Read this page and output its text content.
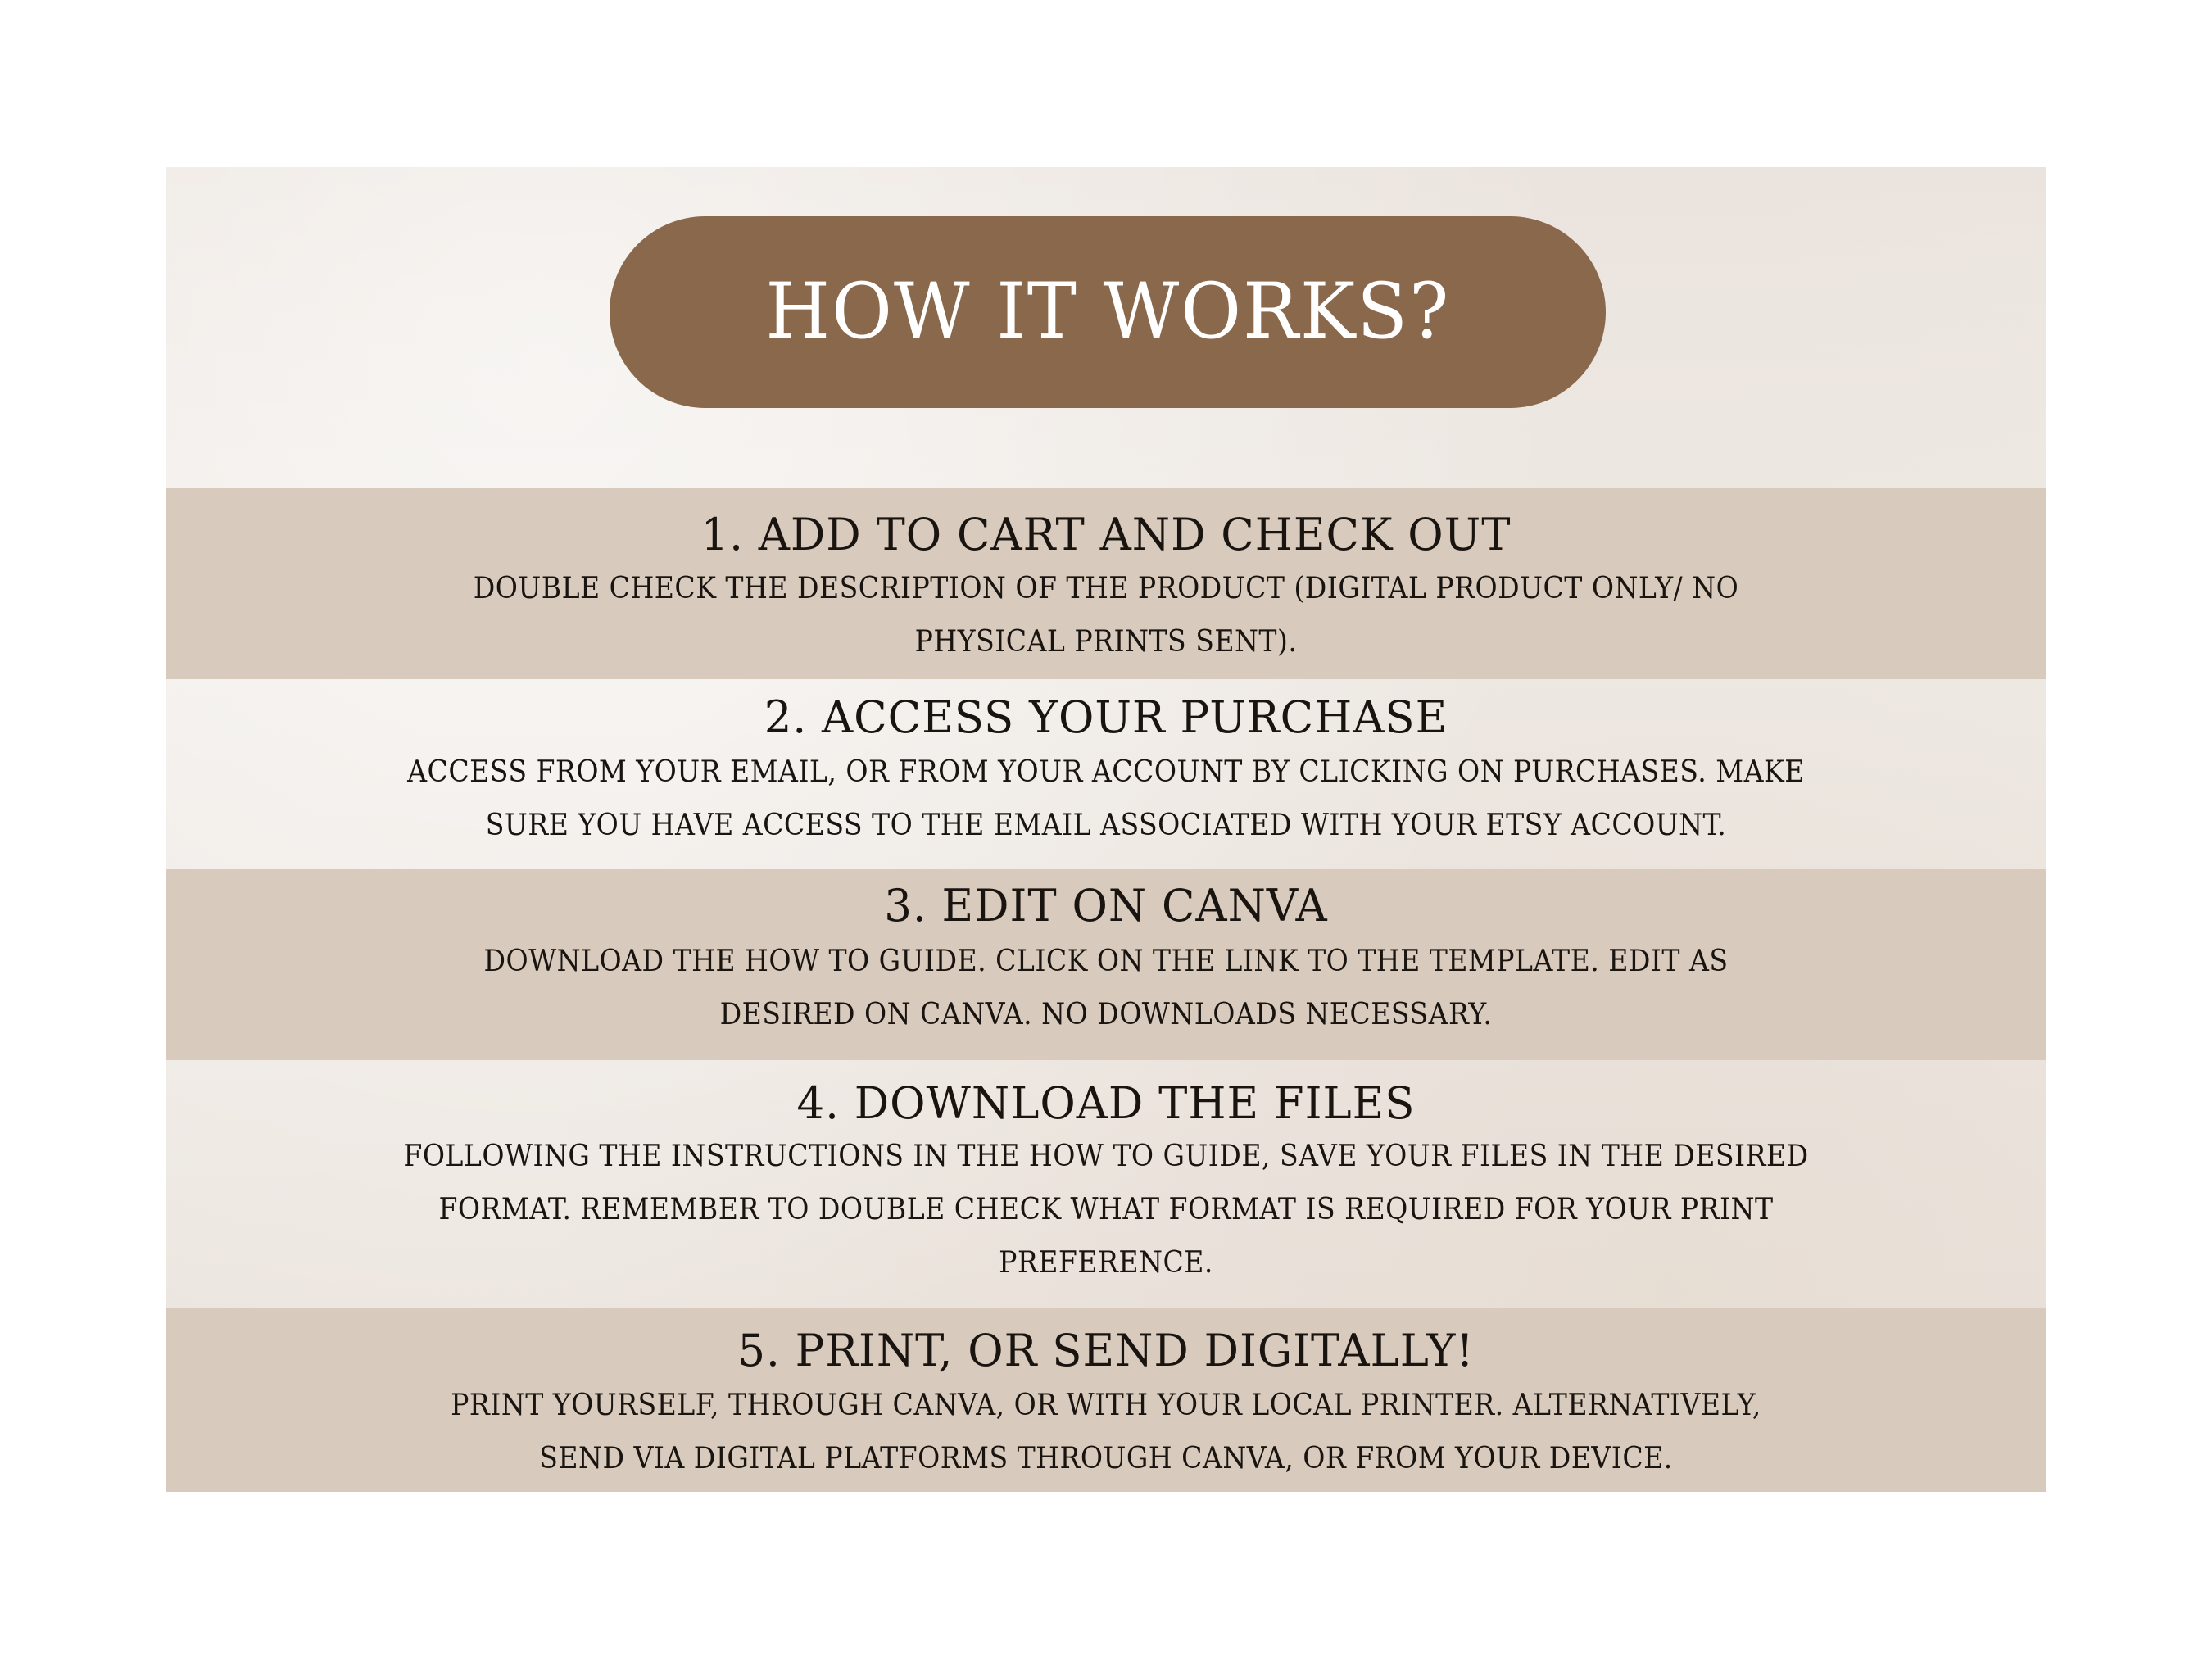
HOW IT WORKS?
1. ADD TO CART AND CHECK OUT
DOUBLE CHECK THE DESCRIPTION OF THE PRODUCT (DIGITAL PRODUCT ONLY/ NO
PHYSICAL PRINTS SENT).
2. ACCESS YOUR PURCHASE
ACCESS FROM YOUR EMAIL, OR FROM YOUR ACCOUNT BY CLICKING ON PURCHASES. MAKE
SURE YOU HAVE ACCESS TO THE EMAIL ASSOCIATED WITH YOUR ETSY ACCOUNT.
3. EDIT ON CANVA
DOWNLOAD THE HOW TO GUIDE. CLICK ON THE LINK TO THE TEMPLATE. EDIT AS
DESIRED ON CANVA. NO DOWNLOADS NECESSARY.
4. DOWNLOAD THE FILES
FOLLOWING THE INSTRUCTIONS IN THE HOW TO GUIDE, SAVE YOUR FILES IN THE DESIRED
FORMAT. REMEMBER TO DOUBLE CHECK WHAT FORMAT IS REQUIRED FOR YOUR PRINT
PREFERENCE.
5. PRINT, OR SEND DIGITALLY!
PRINT YOURSELF, THROUGH CANVA, OR WITH YOUR LOCAL PRINTER. ALTERNATIVELY,
SEND VIA DIGITAL PLATFORMS THROUGH CANVA, OR FROM YOUR DEVICE.
